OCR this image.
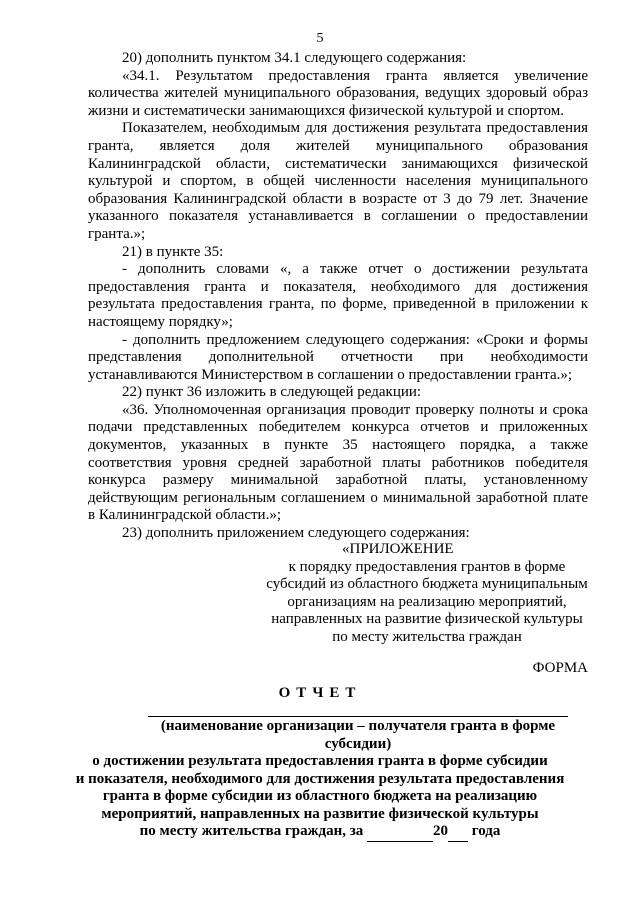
5

20) дополнить пунктом 34.1 следующего содержания:

«34.1. Результатом предоставления гранта является увеличение количества жителей муниципального образования, ведущих здоровый образ жизни и систематически занимающихся физической культурой и спортом.

Показателем, необходимым для достижения результата предоставления гранта, является доля жителей муниципального образования Калининградской области, систематически занимающихся физической культурой и спортом, в общей численности населения муниципального образования Калининградской области в возрасте от 3 до 79 лет. Значение указанного показателя устанавливается в соглашении о предоставлении гранта.»;

21) в пункте 35:

- дополнить словами «, а также отчет о достижении результата предоставления гранта и показателя, необходимого для достижения результата предоставления гранта, по форме, приведенной в приложении к настоящему порядку»;

- дополнить предложением следующего содержания: «Сроки и формы представления дополнительной отчетности при необходимости устанавливаются Министерством в соглашении о предоставлении гранта.»;

22) пункт 36 изложить в следующей редакции:

«36. Уполномоченная организация проводит проверку полноты и срока подачи представленных победителем конкурса отчетов и приложенных документов, указанных в пункте 35 настоящего порядка, а также соответствия уровня средней заработной платы работников победителя конкурса размеру минимальной заработной платы, установленному действующим региональным соглашением о минимальной заработной плате в Калининградской области.»;

23) дополнить приложением следующего содержания:

«ПРИЛОЖЕНИЕ
к порядку предоставления грантов в форме
субсидий из областного бюджета муниципальным
организациям на реализацию мероприятий,
направленных на развитие физической культуры
по месту жительства граждан
ФОРМА
ОТЧЕТ
(наименование организации – получателя гранта в форме
субсидии)
о достижении результата предоставления гранта в форме субсидии
и показателя, необходимого для достижения результата предоставления
гранта в форме субсидии из областного бюджета на реализацию
мероприятий, направленных на развитие физической культуры
по месту жительства граждан, за	20 года
